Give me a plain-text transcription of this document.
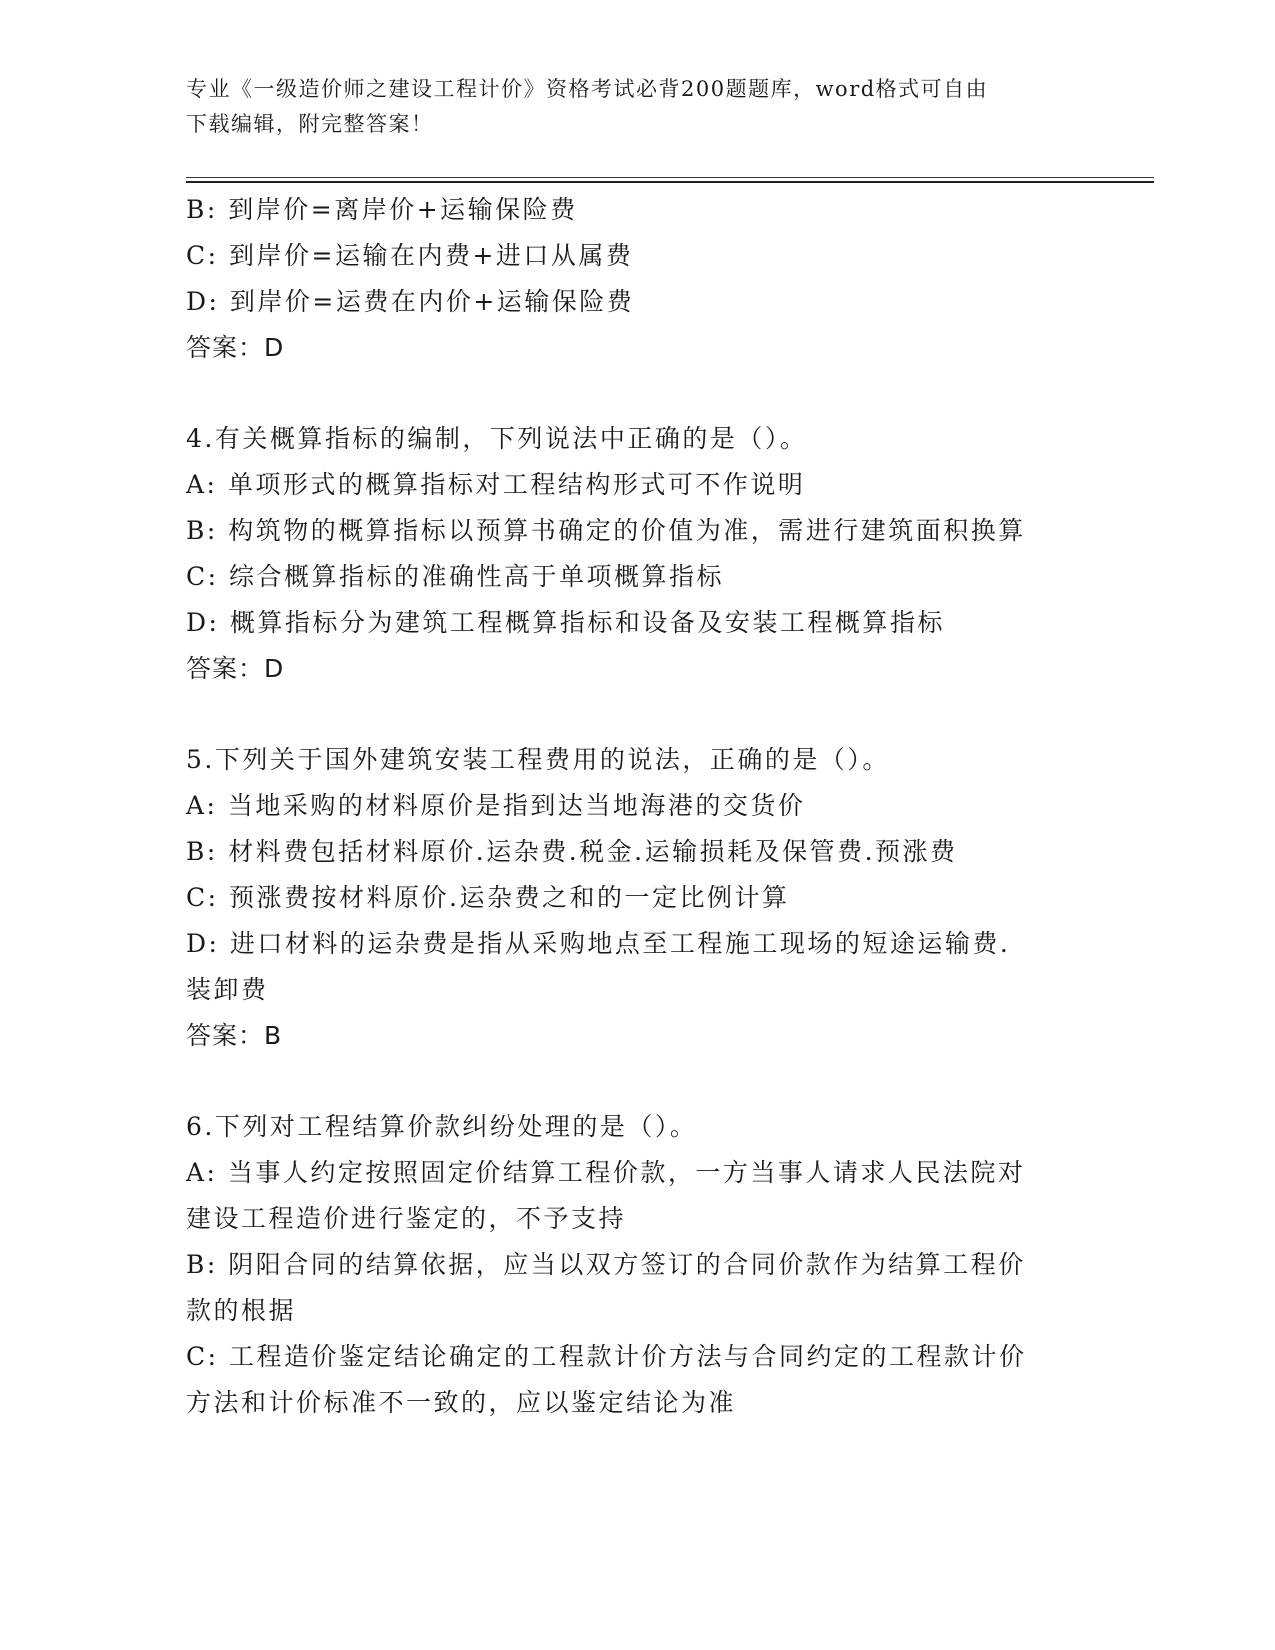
专业《一级造价师之建设工程计价》资格考试必背200题题库，word格式可自由
下载编辑，附完整答案！
B: 到岸价=离岸价+运输保险费
C: 到岸价=运输在内费+进口从属费
D: 到岸价=运费在内价+运输保险费
答案：D
4.有关概算指标的编制，下列说法中正确的是（）。
A: 单项形式的概算指标对工程结构形式可不作说明
B: 构筑物的概算指标以预算书确定的价值为准，需进行建筑面积换算
C: 综合概算指标的准确性高于单项概算指标
D: 概算指标分为建筑工程概算指标和设备及安装工程概算指标
答案：D
5.下列关于国外建筑安装工程费用的说法，正确的是（）。
A: 当地采购的材料原价是指到达当地海港的交货价
B: 材料费包括材料原价.运杂费.税金.运输损耗及保管费.预涨费
C: 预涨费按材料原价.运杂费之和的一定比例计算
D: 进口材料的运杂费是指从采购地点至工程施工现场的短途运输费.
装卸费
答案：B
6.下列对工程结算价款纠纷处理的是（）。
A: 当事人约定按照固定价结算工程价款，一方当事人请求人民法院对
建设工程造价进行鉴定的，不予支持
B: 阴阳合同的结算依据，应当以双方签订的合同价款作为结算工程价
款的根据
C: 工程造价鉴定结论确定的工程款计价方法与合同约定的工程款计价
方法和计价标准不一致的，应以鉴定结论为准
